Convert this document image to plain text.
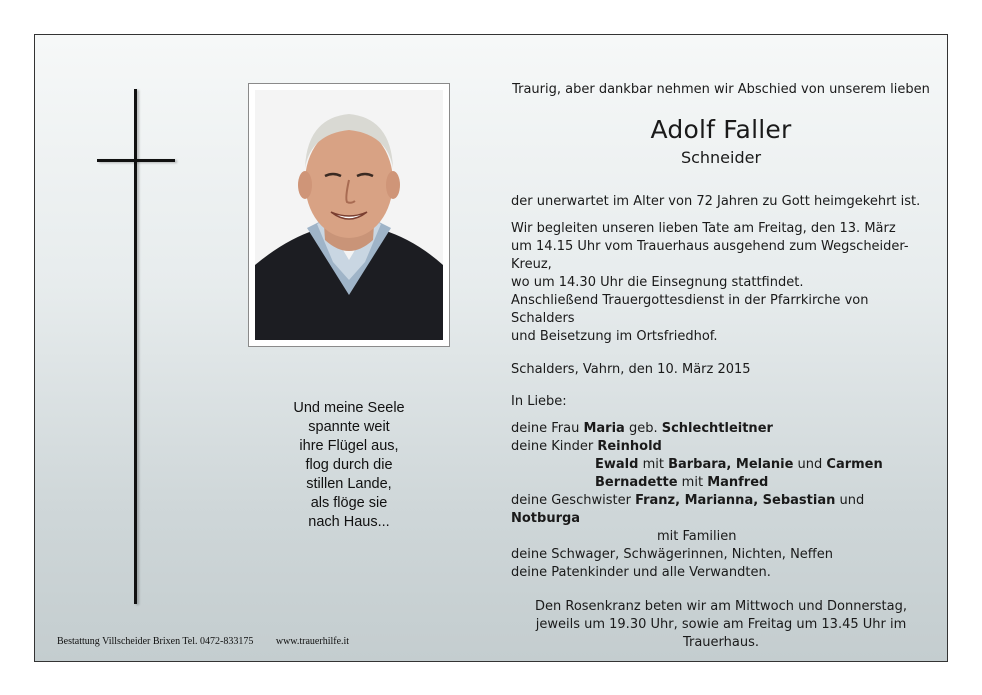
Und meine Seele
spannte weit
ihre Flügel aus,
flog durch die
stillen Lande,
als flöge sie
nach Haus...
Traurig, aber dankbar nehmen wir Abschied von unserem lieben
Adolf Faller
Schneider
der unerwartet im Alter von 72 Jahren zu Gott heimgekehrt ist.
Wir begleiten unseren lieben Tate am Freitag, den 13. März
um 14.15 Uhr vom Trauerhaus ausgehend zum Wegscheider-Kreuz,
wo um 14.30 Uhr die Einsegnung stattfindet.
Anschließend Trauergottesdienst in der Pfarrkirche von Schalders
und Beisetzung im Ortsfriedhof.
Schalders, Vahrn, den 10. März 2015
In Liebe:
deine Frau Maria geb. Schlechtleitner
deine Kinder Reinhold
Ewald mit Barbara, Melanie und Carmen
Bernadette mit Manfred
deine Geschwister Franz, Marianna, Sebastian und Notburga
mit Familien
deine Schwager, Schwägerinnen, Nichten, Neffen
deine Patenkinder und alle Verwandten.
Den Rosenkranz beten wir am Mittwoch und Donnerstag,
jeweils um 19.30 Uhr, sowie am Freitag um 13.45 Uhr im Trauerhaus.
Bestattung Villscheider Brixen Tel. 0472-833175 www.trauerhilfe.it
